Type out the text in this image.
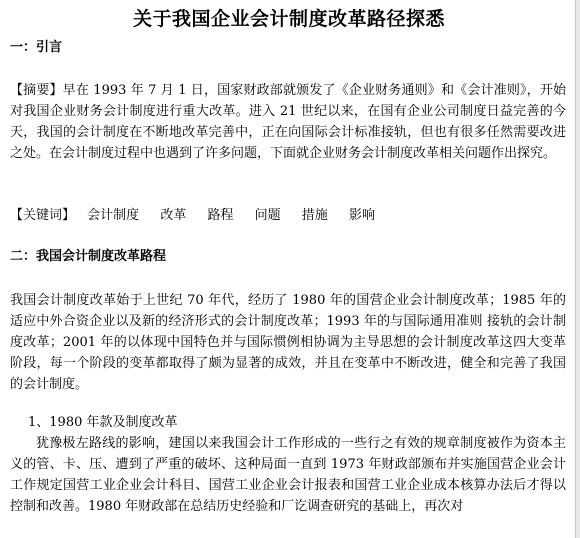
关于我国企业会计制度改革路径探悉
一：引言

【摘要】早在 1993 年 7 月 1 日，国家财政部就颁发了《企业财务通则》和《会计准则》，开始对我国企业财务会计制度进行重大改革。进入 21 世纪以来，在国有企业公司制度日益完善的今天，我国的会计制度在不断地改革完善中，正在向国际会计标准接轨，但也有很多任然需要改进之处。在会计制度过程中也遇到了许多问题，下面就企业财务会计制度改革相关问题作出探究。

【关键词】 会计制度 改革 路程 问题 措施 影响
二：我国会计制度改革路程

我国会计制度改革始于上世纪 70 年代，经历了 1980 年的国营企业会计制度改革；1985 年的适应中外合资企业以及新的经济形式的会计制度改革；1993 年的与国际通用准则 接轨的会计制度改革；2001 年的以体现中国特色并与国际惯例相协调为主导思想的会计制度改革这四大变革阶段，每一个阶段的变革都取得了颇为显著的成效，并且在变革中不断改进，健全和完善了我国的会计制度。

1、1980 年款及制度改革

犹豫极左路线的影响，建国以来我国会计工作形成的一些行之有效的规章制度被作为资本主义的管、卡、压、遭到了严重的破坏、这种局面一直到 1973 年财政部颁布并实施国营企业会计工作规定国营工业企业会计科目、国营工业企业会计报表和国营工业企业成本核算办法后才得以控制和改善。1980 年财政部在总结历史经验和厂讫调查研究的基础上，再次对
